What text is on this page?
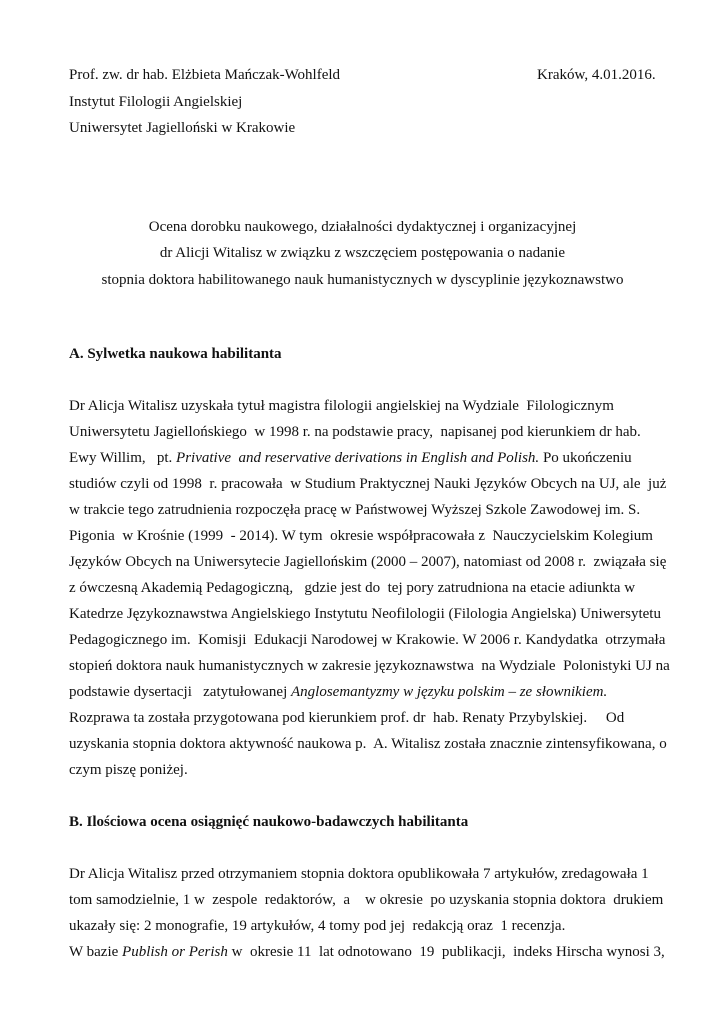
Prof. zw. dr hab. Elżbieta Mańczak-Wohlfeld	Kraków, 4.01.2016.
Instytut Filologii Angielskiej
Uniwersytet Jagielloński w Krakowie
Ocena dorobku naukowego, działalności dydaktycznej i organizacyjnej
dr Alicji Witalisz w związku z wszczęciem postępowania o nadanie
stopnia doktora habilitowanego nauk humanistycznych w dyscyplinie językoznawstwo
A. Sylwetka naukowa habilitanta
Dr Alicja Witalisz uzyskała tytuł magistra filologii angielskiej na Wydziale  Filologicznym
Uniwersytetu Jagiellońskiego  w 1998 r. na podstawie pracy,  napisanej pod kierunkiem dr hab.
Ewy Willim,   pt. Privative  and reservative derivations in English and Polish. Po ukończeniu
studiów czyli od 1998  r. pracowała  w Studium Praktycznej Nauki Języków Obcych na UJ, ale  już
w trakcie tego zatrudnienia rozpoczęła pracę w Państwowej Wyższej Szkole Zawodowej im. S.
Pigonia  w Krośnie (1999  - 2014). W tym  okresie współpracowała z  Nauczycielskim Kolegium
Języków Obcych na Uniwersytecie Jagiellońskim (2000 – 2007), natomiast od 2008 r.  związała się
z ówczesną Akademią Pedagogiczną,   gdzie jest do  tej pory zatrudniona na etacie adiunkta w
Katedrze Językoznawstwa Angielskiego Instytutu Neofilologii (Filologia Angielska) Uniwersytetu
Pedagogicznego im.  Komisji  Edukacji Narodowej w Krakowie. W 2006 r. Kandydatka  otrzymała
stopień doktora nauk humanistycznych w zakresie językoznawstwa  na Wydziale  Polonistyki UJ na
podstawie dysertacji   zatytułowanej Anglosemantyzmy w języku polskim – ze słownikiem.
Rozprawa ta została przygotowana pod kierunkiem prof. dr  hab. Renaty Przybylskiej.     Od
uzyskania stopnia doktora aktywność naukowa p.  A. Witalisz została znacznie zintensyfikowana, o
czym piszę poniżej.
B. Ilościowa ocena osiągnięć naukowo-badawczych habilitanta
Dr Alicja Witalisz przed otrzymaniem stopnia doktora opublikowała 7 artykułów, zredagowała 1
tom samodzielnie, 1 w  zespole  redaktorów,  a    w okresie  po uzyskania stopnia doktora  drukiem
ukazały się: 2 monografie, 19 artykułów, 4 tomy pod jej  redakcją oraz  1 recenzja.
W bazie Publish or Perish w  okresie 11  lat odnotowano  19  publikacji,  indeks Hirscha wynosi 3,
